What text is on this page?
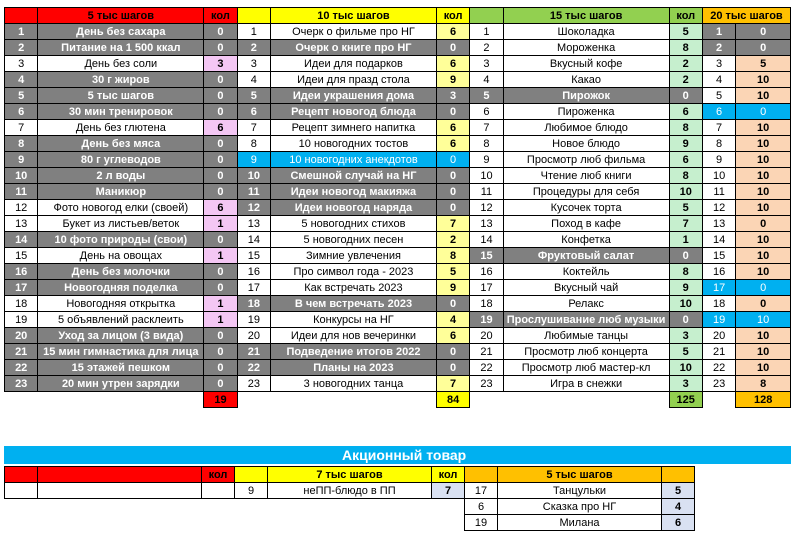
	5 тыс шагов	кол		10 тыс шагов	кол		15 тыс шагов	кол	20 тыс шагов	
1	День без сахара	0	1	Очерк о фильме про НГ	6	1	Шоколадка	5	1	0
2	Питание на 1 500 ккал	0	2	Очерк о книге про НГ	0	2	Мороженка	8	2	0
3	День без соли	3	3	Идеи для подарков	6	3	Вкусный кофе	2	3	5
4	30 г жиров	0	4	Идеи для празд стола	9	4	Какао	2	4	10
5	5 тыс шагов	0	5	Идеи украшения дома	3	5	Пирожок	0	5	10
6	30 мин тренировок	0	6	Рецепт новогод блюда	0	6	Пироженка	6	6	0
7	День без глютена	6	7	Рецепт зимнего напитка	6	7	Любимое блюдо	8	7	10
8	День без мяса	0	8	10 новогодних тостов	6	8	Новое блюдо	9	8	10
9	80 г углеводов	0	9	10 новогодних анекдотов	0	9	Просмотр люб фильма	6	9	10
10	2 л воды	0	10	Смешной случай на НГ	0	10	Чтение люб книги	8	10	10
11	Маникюр	0	11	Идеи новогод макияжа	0	11	Процедуры для себя	10	11	10
12	Фото новогод елки (своей)	6	12	Идеи новогод наряда	0	12	Кусочек торта	5	12	10
13	Букет из листьев/веток	1	13	5 новогодних стихов	7	13	Поход в кафе	7	13	0
14	10 фото природы (свои)	0	14	5 новогодних песен	2	14	Конфетка	1	14	10
15	День на овощах	1	15	Зимние увлечения	8	15	Фруктовый салат	0	15	10
16	День без молочки	0	16	Про символ года - 2023	5	16	Коктейль	8	16	10
17	Новогодняя поделка	0	17	Как встречать 2023	9	17	Вкусный чай	9	17	0
18	Новогодняя открытка	1	18	В чем встречать 2023	0	18	Релакс	10	18	0
19	5 объявлений расклеить	1	19	Конкурсы на НГ	4	19	Прослушивание люб музыки	0	19	10
20	Уход за лицом (3 вида)	0	20	Идеи для нов вечеринки	6	20	Любимые танцы	3	20	10
21	15 мин гимнастика для лица	0	21	Подведение итогов 2022	0	21	Просмотр люб концерта	5	21	10
22	15 этажей пешком	0	22	Планы на 2023	0	22	Просмотр люб мастер-кл	10	22	10
23	20 мин утрен зарядки	0	23	3 новогодних танца	7	23	Игра в снежки	3	23	8
		19			84			125		128
Акционный товар
		кол		7 тыс шагов	кол		5 тыс шагов	
			9	неПП-блюдо в ПП	7	17	Танцульки	5
						6	Сказка про НГ	4
						19	Милана	6
